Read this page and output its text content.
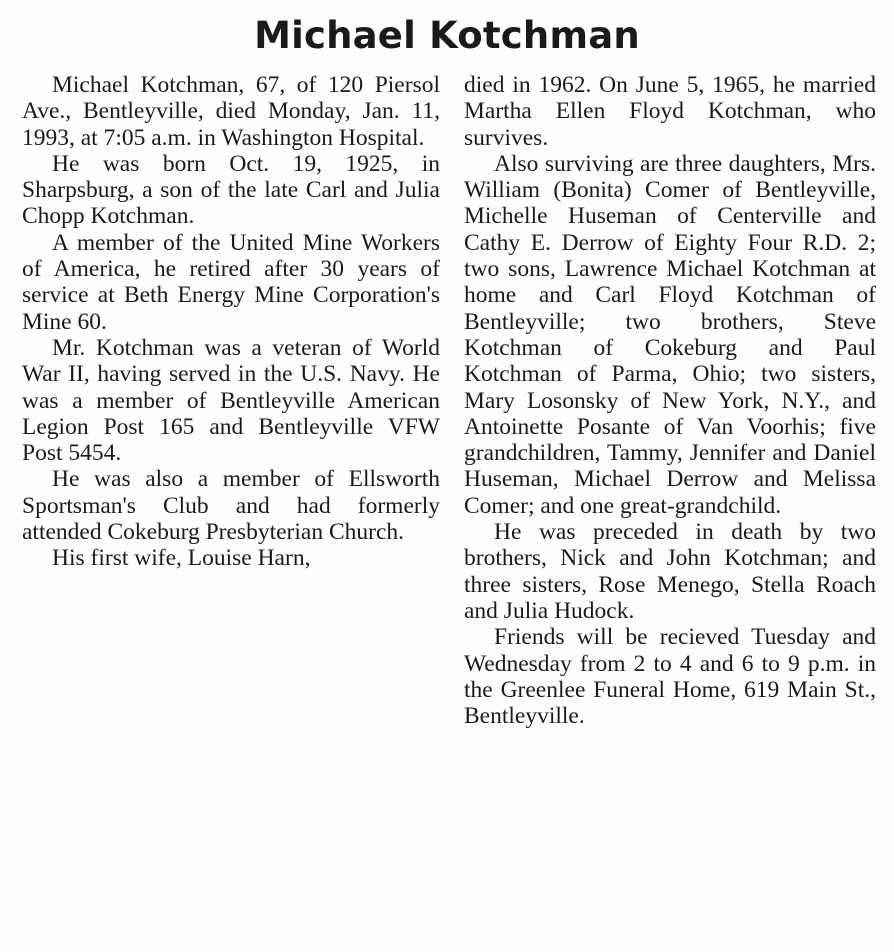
Michael Kotchman

Michael Kotchman, 67, of 120 Piersol Ave., Bentleyville, died Monday, Jan. 11, 1993, at 7:05 a.m. in Washington Hospital.

He was born Oct. 19, 1925, in Sharpsburg, a son of the late Carl and Julia Chopp Kotchman.

A member of the United Mine Workers of America, he retired after 30 years of service at Beth Energy Mine Corporation's Mine 60.

Mr. Kotchman was a veteran of World War II, having served in the U.S. Navy. He was a member of Bentleyville American Legion Post 165 and Bentleyville VFW Post 5454.

He was also a member of Ellsworth Sportsman's Club and had formerly attended Cokeburg Presbyterian Church.

His first wife, Louise Harn,

died in 1962. On June 5, 1965, he married Martha Ellen Floyd Kotchman, who survives.

Also surviving are three daughters, Mrs. William (Bonita) Comer of Bentleyville, Michelle Huseman of Centerville and Cathy E. Derrow of Eighty Four R.D. 2; two sons, Lawrence Michael Kotchman at home and Carl Floyd Kotchman of Bentleyville; two brothers, Steve Kotchman of Cokeburg and Paul Kotchman of Parma, Ohio; two sisters, Mary Losonsky of New York, N.Y., and Antoinette Posante of Van Voorhis; five grandchildren, Tammy, Jennifer and Daniel Huseman, Michael Derrow and Melissa Comer; and one great-grandchild.

He was preceded in death by two brothers, Nick and John Kotchman; and three sisters, Rose Menego, Stella Roach and Julia Hudock.

Friends will be recieved Tuesday and Wednesday from 2 to 4 and 6 to 9 p.m. in the Greenlee Funeral Home, 619 Main St., Bentleyville.
